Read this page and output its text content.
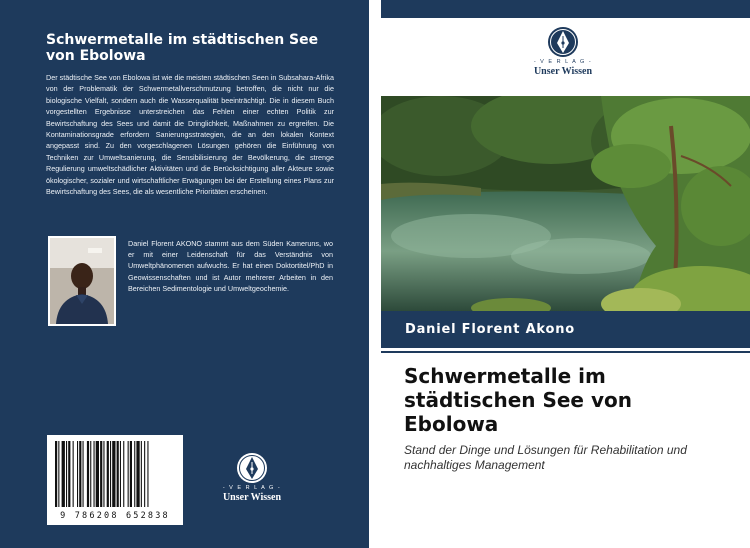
Schwermetalle im städtischen See von Ebolowa

Der städtische See von Ebolowa ist wie die meisten städtischen Seen in Subsahara-Afrika von der Problematik der Schwermetallverschmutzung betroffen, die nicht nur die biologische Vielfalt, sondern auch die Wasserqualität beeinträchtigt. Die in diesem Buch vorgestellten Ergebnisse unterstreichen das Fehlen einer echten Politik zur Bewirtschaftung des Sees und damit die Dringlichkeit, Maßnahmen zu ergreifen. Die Kontaminationsgrade erfordern Sanierungsstrategien, die an den lokalen Kontext angepasst sind. Zu den vorgeschlagenen Lösungen gehören die Einführung von Techniken zur Umweltsanierung, die Sensibilisierung der Bevölkerung, die strenge Regulierung umweltschädlicher Aktivitäten und die Berücksichtigung aller Akteure sowie ökologischer, sozialer und wirtschaftlicher Erwägungen bei der Erstellung eines Plans zur Bewirtschaftung des Sees, die als wesentliche Prioritäten erscheinen.

Daniel Florent AKONO stammt aus dem Süden Kameruns, wo er mit einer Leidenschaft für das Verständnis von Umweltphänomenen aufwuchs. Er hat einen Doktortitel/PhD in Geowissenschaften und ist Autor mehrerer Arbeiten in den Bereichen Sedimentologie und Umweltgeochemie.

9 786208 652838
- V E R L A G -
Unser Wissen
- V E R L A G -
Unser Wissen

Daniel Florent Akono

Schwermetalle im städtischen See von Ebolowa

Stand der Dinge und Lösungen für Rehabilitation und nachhaltiges Management
